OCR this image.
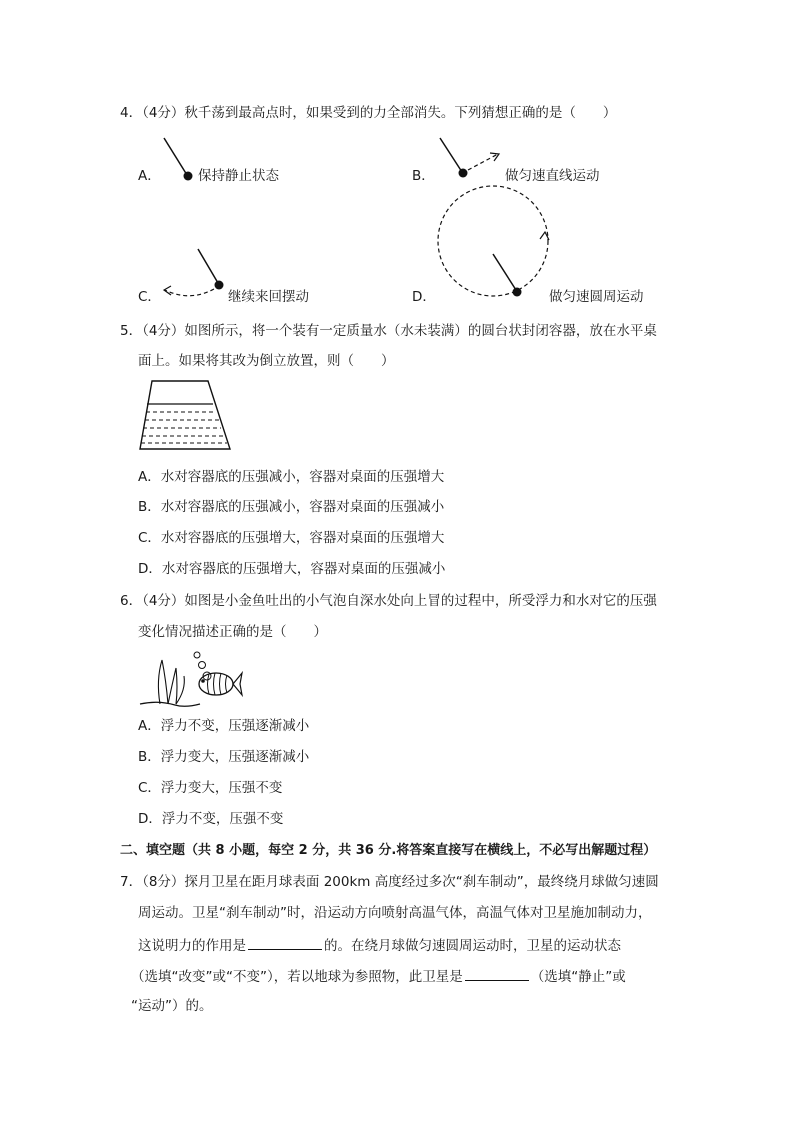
4．（4分）秋千荡到最高点时，如果受到的力全部消失。下列猜想正确的是（　　）
A．	保持静止状态	B．	做匀速直线运动
C．	继续来回摆动	D．	做匀速圆周运动
5．（4分）如图所示，将一个装有一定质量水（水未装满）的圆台状封闭容器，放在水平桌
面上。如果将其改为倒立放置，则（　　）
A．水对容器底的压强减小，容器对桌面的压强增大
B．水对容器底的压强减小，容器对桌面的压强减小
C．水对容器底的压强增大，容器对桌面的压强增大
D．水对容器底的压强增大，容器对桌面的压强减小
6．（4分）如图是小金鱼吐出的小气泡自深水处向上冒的过程中，所受浮力和水对它的压强
变化情况描述正确的是（　　）
A．浮力不变，压强逐渐减小
B．浮力变大，压强逐渐减小
C．浮力变大，压强不变
D．浮力不变，压强不变
二、填空题（共 8 小题，每空 2 分，共 36 分.将答案直接写在横线上，不必写出解题过程）
7．（8分）探月卫星在距月球表面 200km 高度经过多次“刹车制动”，最终绕月球做匀速圆
周运动。卫星“刹车制动”时，沿运动方向喷射高温气体，高温气体对卫星施加制动力，
这说明力的作用是	的。在绕月球做匀速圆周运动时，卫星的运动状态
（选填“改变”或“不变”），若以地球为参照物，此卫星是	（选填“静止”或
“运动”）的。
